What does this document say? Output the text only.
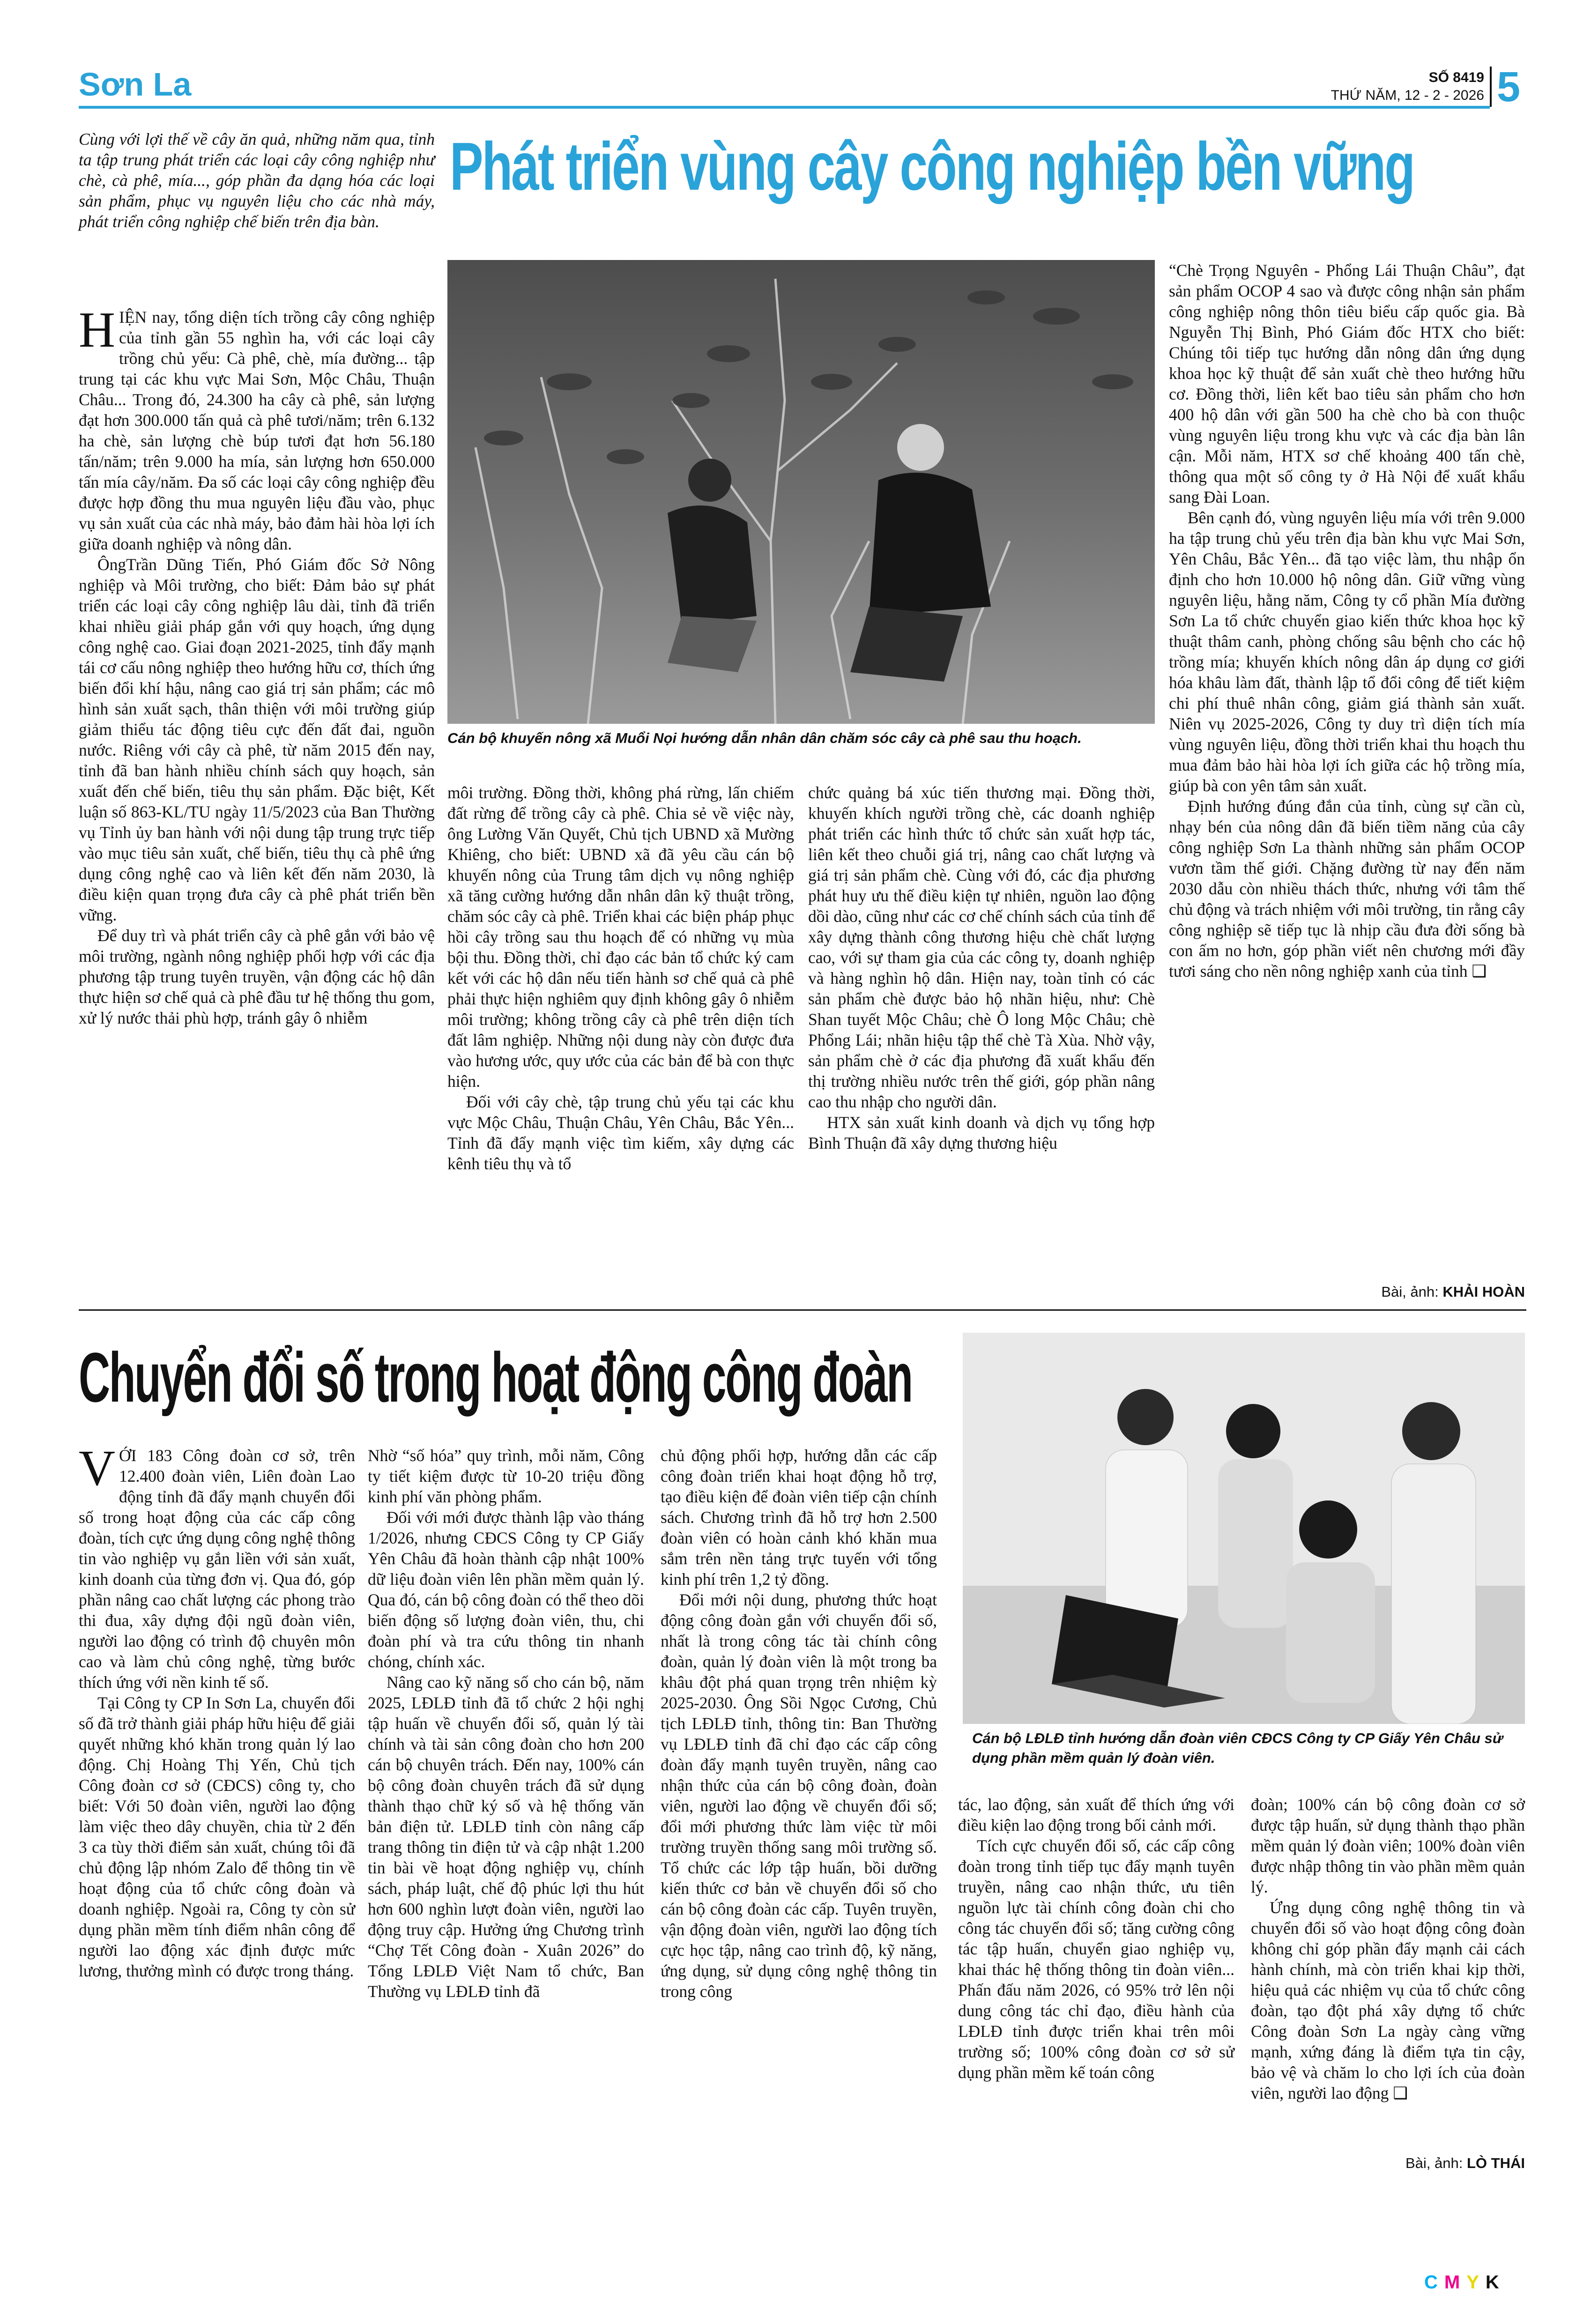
Sơn La	SỐ 8419
THỨ NĂM, 12 - 2 - 2026 5
Cùng với lợi thế về cây ăn quả, những năm qua, tỉnh ta tập trung phát triển các loại cây công nghiệp như chè, cà phê, mía..., góp phần đa dạng hóa các loại sản phẩm, phục vụ nguyên liệu cho các nhà máy, phát triển công nghiệp chế biến trên địa bàn.
Phát triển vùng cây công nghiệp bền vững

HIỆN nay, tổng diện tích trồng cây công nghiệp của tỉnh gần 55 nghìn ha, với các loại cây trồng chủ yếu: Cà phê, chè, mía đường... tập trung tại các khu vực Mai Sơn, Mộc Châu, Thuận Châu... Trong đó, 24.300 ha cây cà phê, sản lượng đạt hơn 300.000 tấn quả cà phê tươi/năm; trên 6.132 ha chè, sản lượng chè búp tươi đạt hơn 56.180 tấn/năm; trên 9.000 ha mía, sản lượng hơn 650.000 tấn mía cây/năm. Đa số các loại cây công nghiệp đều được hợp đồng thu mua nguyên liệu đầu vào, phục vụ sản xuất của các nhà máy, bảo đảm hài hòa lợi ích giữa doanh nghiệp và nông dân.

ÔngTrần Dũng Tiến, Phó Giám đốc Sở Nông nghiệp và Môi trường, cho biết: Đảm bảo sự phát triển các loại cây công nghiệp lâu dài, tỉnh đã triển khai nhiều giải pháp gắn với quy hoạch, ứng dụng công nghệ cao. Giai đoạn 2021-2025, tỉnh đẩy mạnh tái cơ cấu nông nghiệp theo hướng hữu cơ, thích ứng biến đổi khí hậu, nâng cao giá trị sản phẩm; các mô hình sản xuất sạch, thân thiện với môi trường giúp giảm thiểu tác động tiêu cực đến đất đai, nguồn nước. Riêng với cây cà phê, từ năm 2015 đến nay, tỉnh đã ban hành nhiều chính sách quy hoạch, sản xuất đến chế biến, tiêu thụ sản phẩm. Đặc biệt, Kết luận số 863-KL/TU ngày 11/5/2023 của Ban Thường vụ Tỉnh ủy ban hành với nội dung tập trung trực tiếp vào mục tiêu sản xuất, chế biến, tiêu thụ cà phê ứng dụng công nghệ cao và liên kết đến năm 2030, là điều kiện quan trọng đưa cây cà phê phát triển bền vững.

Để duy trì và phát triển cây cà phê gắn với bảo vệ môi trường, ngành nông nghiệp phối hợp với các địa phương tập trung tuyên truyền, vận động các hộ dân thực hiện sơ chế quả cà phê đầu tư hệ thống thu gom, xử lý nước thải phù hợp, tránh gây ô nhiễm

Cán bộ khuyến nông xã Muổi Nọi hướng dẫn nhân dân chăm sóc cây cà phê sau thu hoạch.

môi trường. Đồng thời, không phá rừng, lấn chiếm đất rừng để trồng cây cà phê. Chia sẻ về việc này, ông Lường Văn Quyết, Chủ tịch UBND xã Mường Khiêng, cho biết: UBND xã đã yêu cầu cán bộ khuyến nông của Trung tâm dịch vụ nông nghiệp xã tăng cường hướng dẫn nhân dân kỹ thuật trồng, chăm sóc cây cà phê. Triển khai các biện pháp phục hồi cây trồng sau thu hoạch để có những vụ mùa bội thu. Đồng thời, chỉ đạo các bản tổ chức ký cam kết với các hộ dân nếu tiến hành sơ chế quả cà phê phải thực hiện nghiêm quy định không gây ô nhiễm môi trường; không trồng cây cà phê trên diện tích đất lâm nghiệp. Những nội dung này còn được đưa vào hương ước, quy ước của các bản để bà con thực hiện.

Đối với cây chè, tập trung chủ yếu tại các khu vực Mộc Châu, Thuận Châu, Yên Châu, Bắc Yên... Tỉnh đã đẩy mạnh việc tìm kiếm, xây dựng các kênh tiêu thụ và tổ

chức quảng bá xúc tiến thương mại. Đồng thời, khuyến khích người trồng chè, các doanh nghiệp phát triển các hình thức tổ chức sản xuất hợp tác, liên kết theo chuỗi giá trị, nâng cao chất lượng và giá trị sản phẩm chè. Cùng với đó, các địa phương phát huy ưu thế điều kiện tự nhiên, nguồn lao động dồi dào, cũng như các cơ chế chính sách của tỉnh để xây dựng thành công thương hiệu chè chất lượng cao, với sự tham gia của các công ty, doanh nghiệp và hàng nghìn hộ dân. Hiện nay, toàn tỉnh có các sản phẩm chè được bảo hộ nhãn hiệu, như: Chè Shan tuyết Mộc Châu; chè Ô long Mộc Châu; chè Phổng Lái; nhãn hiệu tập thể chè Tà Xùa. Nhờ vậy, sản phẩm chè ở các địa phương đã xuất khẩu đến thị trường nhiều nước trên thế giới, góp phần nâng cao thu nhập cho người dân.

HTX sản xuất kinh doanh và dịch vụ tổng hợp Bình Thuận đã xây dựng thương hiệu

“Chè Trọng Nguyên - Phổng Lái Thuận Châu”, đạt sản phẩm OCOP 4 sao và được công nhận sản phẩm công nghiệp nông thôn tiêu biểu cấp quốc gia. Bà Nguyễn Thị Bình, Phó Giám đốc HTX cho biết: Chúng tôi tiếp tục hướng dẫn nông dân ứng dụng khoa học kỹ thuật để sản xuất chè theo hướng hữu cơ. Đồng thời, liên kết bao tiêu sản phẩm cho hơn 400 hộ dân với gần 500 ha chè cho bà con thuộc vùng nguyên liệu trong khu vực và các địa bàn lân cận. Mỗi năm, HTX sơ chế khoảng 400 tấn chè, thông qua một số công ty ở Hà Nội để xuất khẩu sang Đài Loan.

Bên cạnh đó, vùng nguyên liệu mía với trên 9.000 ha tập trung chủ yếu trên địa bàn khu vực Mai Sơn, Yên Châu, Bắc Yên... đã tạo việc làm, thu nhập ổn định cho hơn 10.000 hộ nông dân. Giữ vững vùng nguyên liệu, hằng năm, Công ty cổ phần Mía đường Sơn La tổ chức chuyển giao kiến thức khoa học kỹ thuật thâm canh, phòng chống sâu bệnh cho các hộ trồng mía; khuyến khích nông dân áp dụng cơ giới hóa khâu làm đất, thành lập tổ đổi công để tiết kiệm chi phí thuê nhân công, giảm giá thành sản xuất. Niên vụ 2025-2026, Công ty duy trì diện tích mía vùng nguyên liệu, đồng thời triển khai thu hoạch thu mua đảm bảo hài hòa lợi ích giữa các hộ trồng mía, giúp bà con yên tâm sản xuất.

Định hướng đúng đắn của tỉnh, cùng sự cần cù, nhạy bén của nông dân đã biến tiềm năng của cây công nghiệp Sơn La thành những sản phẩm OCOP vươn tầm thế giới. Chặng đường từ nay đến năm 2030 dẫu còn nhiều thách thức, nhưng với tâm thế chủ động và trách nhiệm với môi trường, tin rằng cây công nghiệp sẽ tiếp tục là nhịp cầu đưa đời sống bà con ấm no hơn, góp phần viết nên chương mới đầy tươi sáng cho nền nông nghiệp xanh của tỉnh ❑

Bài, ảnh: KHẢI HOÀN
Chuyển đổi số trong hoạt động công đoàn
Cán bộ LĐLĐ tỉnh hướng dẫn đoàn viên CĐCS Công ty CP Giấy Yên Châu sử dụng phần mềm quản lý đoàn viên.

VỚI 183 Công đoàn cơ sở, trên 12.400 đoàn viên, Liên đoàn Lao động tỉnh đã đẩy mạnh chuyển đổi số trong hoạt động của các cấp công đoàn, tích cực ứng dụng công nghệ thông tin vào nghiệp vụ gắn liền với sản xuất, kinh doanh của từng đơn vị. Qua đó, góp phần nâng cao chất lượng các phong trào thi đua, xây dựng đội ngũ đoàn viên, người lao động có trình độ chuyên môn cao và làm chủ công nghệ, từng bước thích ứng với nền kinh tế số.

Tại Công ty CP In Sơn La, chuyển đổi số đã trở thành giải pháp hữu hiệu để giải quyết những khó khăn trong quản lý lao động. Chị Hoàng Thị Yến, Chủ tịch Công đoàn cơ sở (CĐCS) công ty, cho biết: Với 50 đoàn viên, người lao động làm việc theo dây chuyền, chia từ 2 đến 3 ca tùy thời điểm sản xuất, chúng tôi đã chủ động lập nhóm Zalo để thông tin về hoạt động của tổ chức công đoàn và doanh nghiệp. Ngoài ra, Công ty còn sử dụng phần mềm tính điểm nhân công để người lao động xác định được mức lương, thưởng mình có được trong tháng.

Nhờ “số hóa” quy trình, mỗi năm, Công ty tiết kiệm được từ 10-20 triệu đồng kinh phí văn phòng phẩm.

Đối với mới được thành lập vào tháng 1/2026, nhưng CĐCS Công ty CP Giấy Yên Châu đã hoàn thành cập nhật 100% dữ liệu đoàn viên lên phần mềm quản lý. Qua đó, cán bộ công đoàn có thể theo dõi biến động số lượng đoàn viên, thu, chi đoàn phí và tra cứu thông tin nhanh chóng, chính xác.

Nâng cao kỹ năng số cho cán bộ, năm 2025, LĐLĐ tỉnh đã tổ chức 2 hội nghị tập huấn về chuyển đổi số, quản lý tài chính và tài sản công đoàn cho hơn 200 cán bộ chuyên trách. Đến nay, 100% cán bộ công đoàn chuyên trách đã sử dụng thành thạo chữ ký số và hệ thống văn bản điện tử. LĐLĐ tỉnh còn nâng cấp trang thông tin điện tử và cập nhật 1.200 tin bài về hoạt động nghiệp vụ, chính sách, pháp luật, chế độ phúc lợi thu hút hơn 600 nghìn lượt đoàn viên, người lao động truy cập. Hưởng ứng Chương trình “Chợ Tết Công đoàn - Xuân 2026” do Tổng LĐLĐ Việt Nam tổ chức, Ban Thường vụ LĐLĐ tỉnh đã

chủ động phối hợp, hướng dẫn các cấp công đoàn triển khai hoạt động hỗ trợ, tạo điều kiện để đoàn viên tiếp cận chính sách. Chương trình đã hỗ trợ hơn 2.500 đoàn viên có hoàn cảnh khó khăn mua sắm trên nền tảng trực tuyến với tổng kinh phí trên 1,2 tỷ đồng.

Đổi mới nội dung, phương thức hoạt động công đoàn gắn với chuyển đổi số, nhất là trong công tác tài chính công đoàn, quản lý đoàn viên là một trong ba khâu đột phá quan trọng trên nhiệm kỳ 2025-2030. Ông Sồi Ngọc Cương, Chủ tịch LĐLĐ tỉnh, thông tin: Ban Thường vụ LĐLĐ tỉnh đã chỉ đạo các cấp công đoàn đẩy mạnh tuyên truyền, nâng cao nhận thức của cán bộ công đoàn, đoàn viên, người lao động về chuyển đổi số; đổi mới phương thức làm việc từ môi trường truyền thống sang môi trường số. Tổ chức các lớp tập huấn, bồi dưỡng kiến thức cơ bản về chuyển đổi số cho cán bộ công đoàn các cấp. Tuyên truyền, vận động đoàn viên, người lao động tích cực học tập, nâng cao trình độ, kỹ năng, ứng dụng, sử dụng công nghệ thông tin trong công

tác, lao động, sản xuất để thích ứng với điều kiện lao động trong bối cảnh mới.

Tích cực chuyển đổi số, các cấp công đoàn trong tỉnh tiếp tục đẩy mạnh tuyên truyền, nâng cao nhận thức, ưu tiên nguồn lực tài chính công đoàn chi cho công tác chuyển đổi số; tăng cường công tác tập huấn, chuyển giao nghiệp vụ, khai thác hệ thống thông tin đoàn viên... Phấn đấu năm 2026, có 95% trở lên nội dung công tác chỉ đạo, điều hành của LĐLĐ tỉnh được triển khai trên môi trường số; 100% công đoàn cơ sở sử dụng phần mềm kế toán công

đoàn; 100% cán bộ công đoàn cơ sở được tập huấn, sử dụng thành thạo phần mềm quản lý đoàn viên; 100% đoàn viên được nhập thông tin vào phần mềm quản lý.

Ứng dụng công nghệ thông tin và chuyển đổi số vào hoạt động công đoàn không chỉ góp phần đẩy mạnh cải cách hành chính, mà còn triển khai kịp thời, hiệu quả các nhiệm vụ của tổ chức công đoàn, tạo đột phá xây dựng tổ chức Công đoàn Sơn La ngày càng vững mạnh, xứng đáng là điểm tựa tin cậy, bảo vệ và chăm lo cho lợi ích của đoàn viên, người lao động ❑

Bài, ảnh: LÒ THÁI
CMYK
